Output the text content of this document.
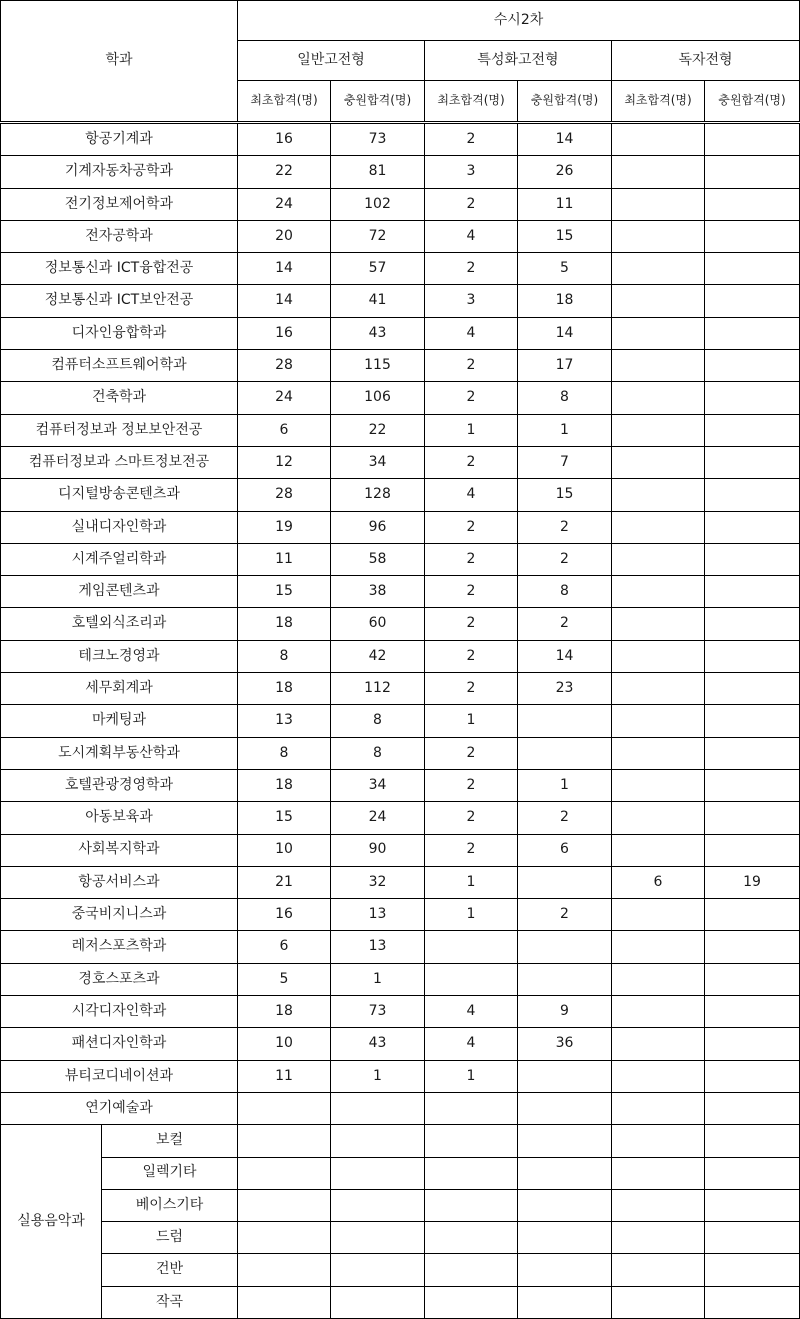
학과		수시2차					
		일반고전형		특성화고전형		독자전형	
		최초합격(명)	충원합격(명)	최초합격(명)	충원합격(명)	최초합격(명)	충원합격(명)
항공기계과		16	73	2	14		
기계자동차공학과		22	81	3	26		
전기정보제어학과		24	102	2	11		
전자공학과		20	72	4	15		
정보통신과 ICT융합전공		14	57	2	5		
정보통신과 ICT보안전공		14	41	3	18		
디자인융합학과		16	43	4	14		
컴퓨터소프트웨어학과		28	115	2	17		
건축학과		24	106	2	8		
컴퓨터정보과 정보보안전공		6	22	1	1		
컴퓨터정보과 스마트정보전공		12	34	2	7		
디지털방송콘텐츠과		28	128	4	15		
실내디자인학과		19	96	2	2		
시계주얼리학과		11	58	2	2		
게임콘텐츠과		15	38	2	8		
호텔외식조리과		18	60	2	2		
테크노경영과		8	42	2	14		
세무회계과		18	112	2	23		
마케팅과		13	8	1			
도시계획부동산학과		8	8	2			
호텔관광경영학과		18	34	2	1		
아동보육과		15	24	2	2		
사회복지학과		10	90	2	6		
항공서비스과		21	32	1		6	19
중국비지니스과		16	13	1	2		
레저스포츠학과		6	13				
경호스포츠과		5	1				
시각디자인학과		18	73	4	9		
패션디자인학과		10	43	4	36		
뷰티코디네이션과		11	1	1			
연기예술과							
실용음악과	보컬						
	일렉기타						
	베이스기타						
	드럼						
	건반						
	작곡						
